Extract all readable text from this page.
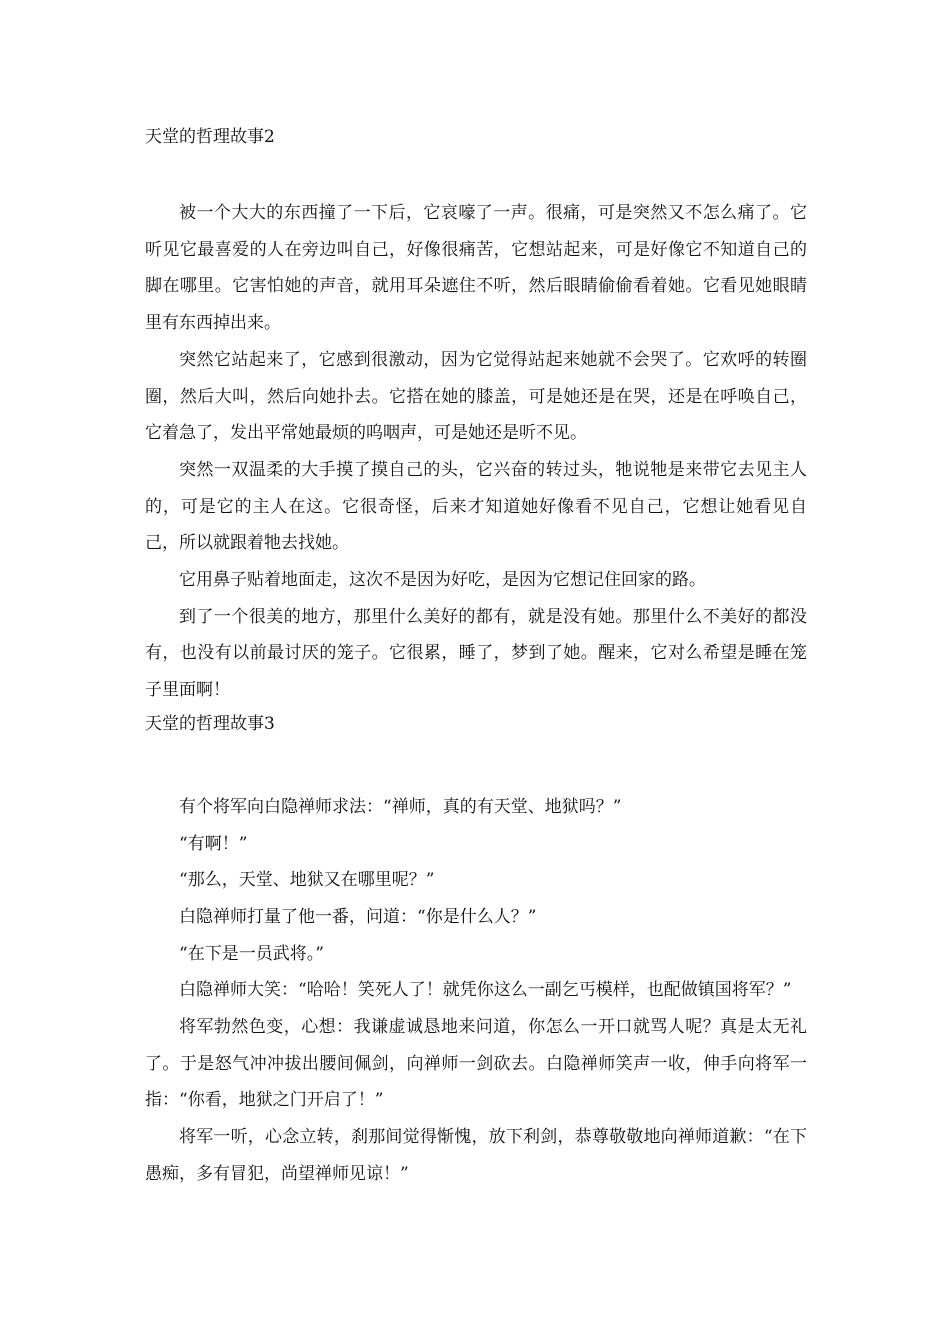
天堂的哲理故事2

被一个大大的东西撞了一下后，它哀嚎了一声。很痛，可是突然又不怎么痛了。它听见它最喜爱的人在旁边叫自己，好像很痛苦，它想站起来，可是好像它不知道自己的脚在哪里。它害怕她的声音，就用耳朵遮住不听，然后眼睛偷偷看着她。它看见她眼睛里有东西掉出来。

突然它站起来了，它感到很激动，因为它觉得站起来她就不会哭了。它欢呼的转圈圈，然后大叫，然后向她扑去。它搭在她的膝盖，可是她还是在哭，还是在呼唤自己，它着急了，发出平常她最烦的呜咽声，可是她还是听不见。

突然一双温柔的大手摸了摸自己的头，它兴奋的转过头，牠说牠是来带它去见主人的，可是它的主人在这。它很奇怪，后来才知道她好像看不见自己，它想让她看见自己，所以就跟着牠去找她。

它用鼻子贴着地面走，这次不是因为好吃，是因为它想记住回家的路。

到了一个很美的地方，那里什么美好的都有，就是没有她。那里什么不美好的都没有，也没有以前最讨厌的笼子。它很累，睡了，梦到了她。醒来，它对么希望是睡在笼子里面啊！

天堂的哲理故事3

有个将军向白隐禅师求法：“禅师，真的有天堂、地狱吗？”

“有啊！”

“那么，天堂、地狱又在哪里呢？”

白隐禅师打量了他一番，问道：“你是什么人？”

“在下是一员武将。”

白隐禅师大笑：“哈哈！笑死人了！就凭你这么一副乞丐模样，也配做镇国将军？”

将军勃然色变，心想：我谦虚诚恳地来问道，你怎么一开口就骂人呢？真是太无礼了。于是怒气冲冲拔出腰间佩剑，向禅师一剑砍去。白隐禅师笑声一收，伸手向将军一指：“你看，地狱之门开启了！”

将军一听，心念立转，刹那间觉得惭愧，放下利剑，恭尊敬敬地向禅师道歉：“在下愚痴，多有冒犯，尚望禅师见谅！”
